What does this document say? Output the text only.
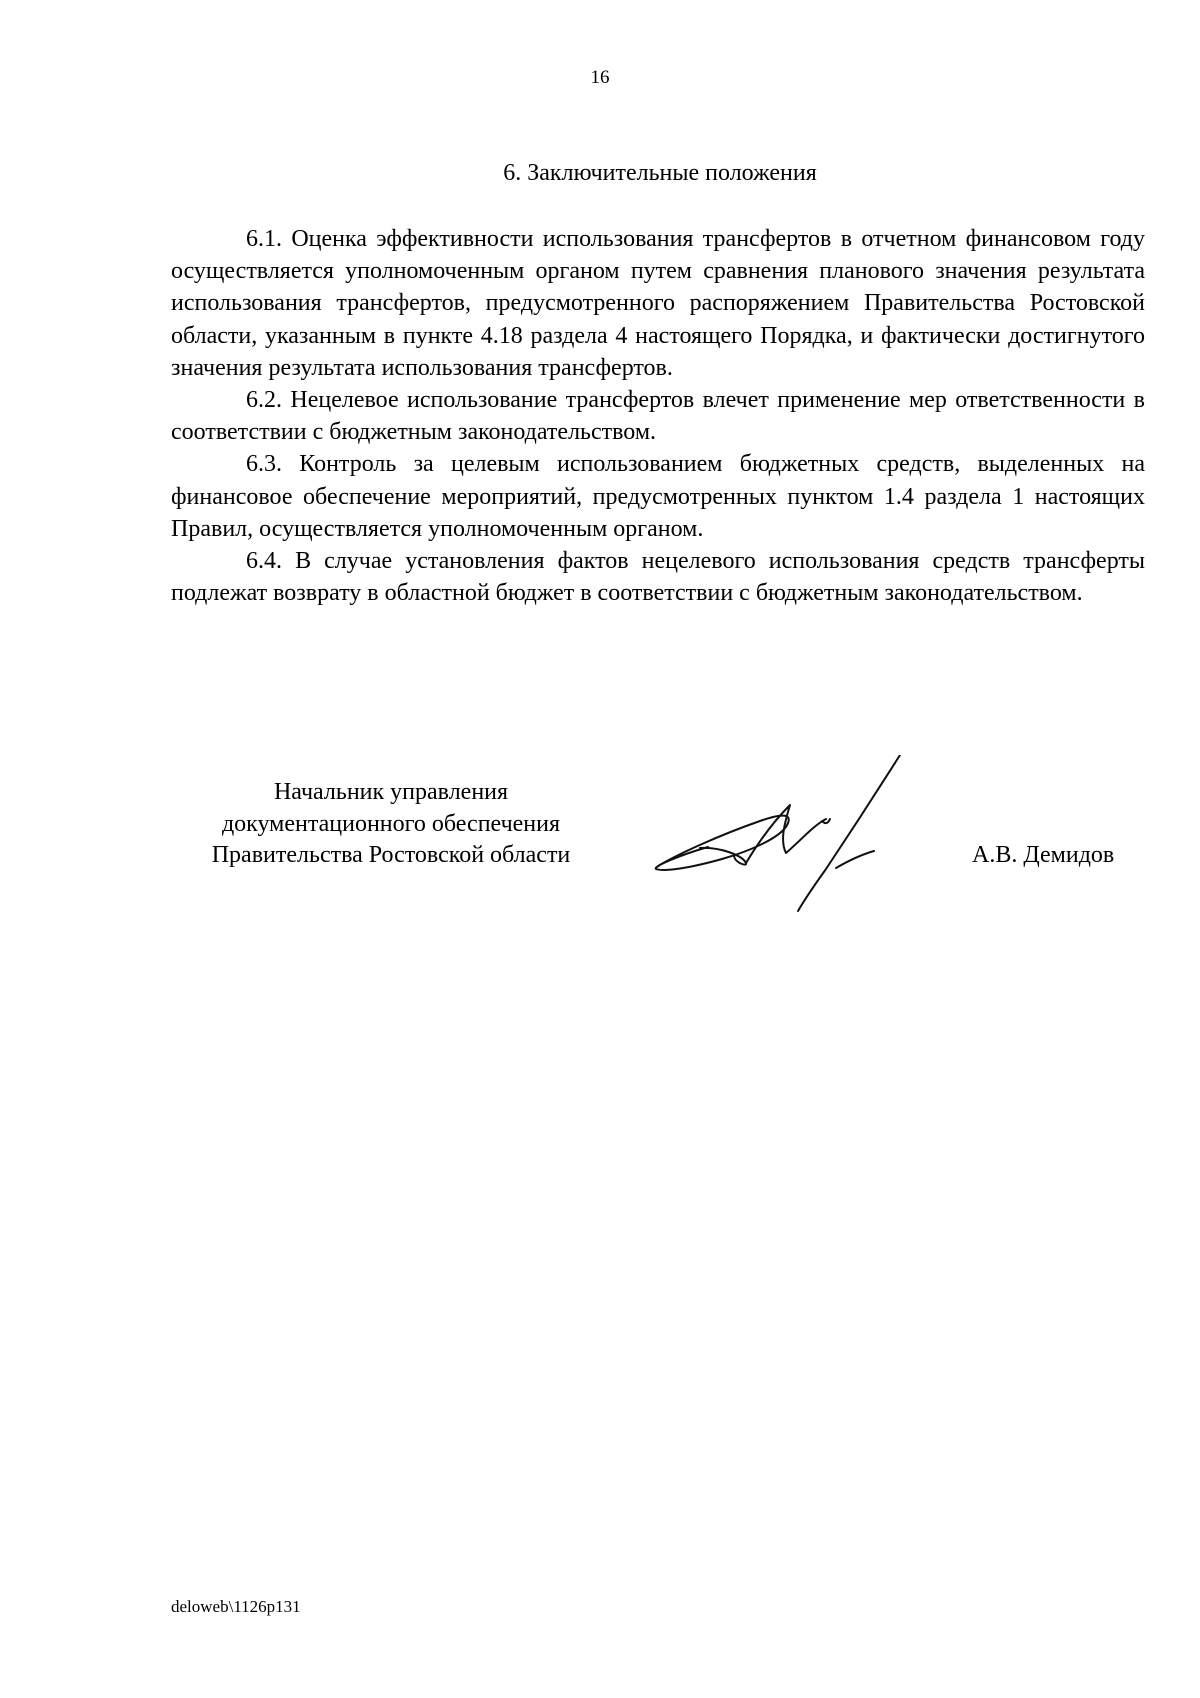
16
6. Заключительные положения

6.1. Оценка эффективности использования трансфертов в отчетном финансовом году осуществляется уполномоченным органом путем сравнения планового значения результата использования трансфертов, предусмотренного распоряжением Правительства Ростовской области, указанным в пункте 4.18 раздела 4 настоящего Порядка, и фактически достигнутого значения результата использования трансфертов.

6.2. Нецелевое использование трансфертов влечет применение мер ответственности в соответствии с бюджетным законодательством.

6.3. Контроль за целевым использованием бюджетных средств, выделенных на финансовое обеспечение мероприятий, предусмотренных пунктом 1.4 раздела 1 настоящих Правил, осуществляется уполномоченным органом.

6.4. В случае установления фактов нецелевого использования средств трансферты подлежат возврату в областной бюджет в соответствии с бюджетным законодательством.

Начальник управления
документационного обеспечения
Правительства Ростовской области	А.В. Демидов
deloweb\1126p131
